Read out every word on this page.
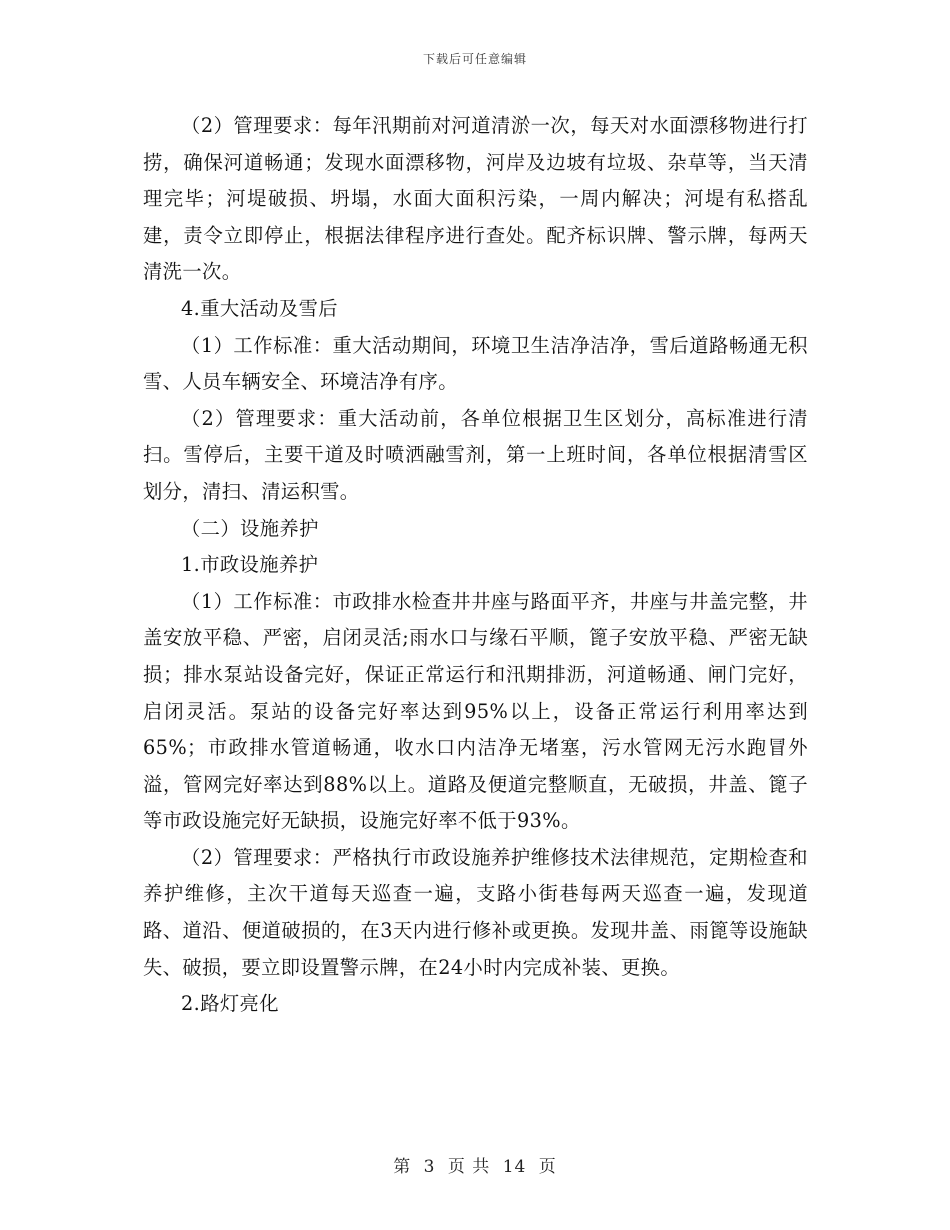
下载后可任意编辑

（2）管理要求：每年汛期前对河道清淤一次，每天对水面漂移物进行打捞，确保河道畅通；发现水面漂移物，河岸及边坡有垃圾、杂草等，当天清理完毕；河堤破损、坍塌，水面大面积污染，一周内解决；河堤有私搭乱建，责令立即停止，根据法律程序进行查处。配齐标识牌、警示牌，每两天清洗一次。

4.重大活动及雪后

（1）工作标准：重大活动期间，环境卫生洁净洁净，雪后道路畅通无积雪、人员车辆安全、环境洁净有序。

（2）管理要求：重大活动前，各单位根据卫生区划分，高标准进行清扫。雪停后，主要干道及时喷洒融雪剂，第一上班时间，各单位根据清雪区划分，清扫、清运积雪。

（二）设施养护

1.市政设施养护

（1）工作标准：市政排水检查井井座与路面平齐，井座与井盖完整，井盖安放平稳、严密，启闭灵活;雨水口与缘石平顺，篦子安放平稳、严密无缺损；排水泵站设备完好，保证正常运行和汛期排沥，河道畅通、闸门完好，启闭灵活。泵站的设备完好率达到95%以上，设备正常运行利用率达到65%；市政排水管道畅通，收水口内洁净无堵塞，污水管网无污水跑冒外溢，管网完好率达到88%以上。道路及便道完整顺直，无破损，井盖、篦子等市政设施完好无缺损，设施完好率不低于93%。

（2）管理要求：严格执行市政设施养护维修技术法律规范，定期检查和养护维修，主次干道每天巡查一遍，支路小街巷每两天巡查一遍，发现道路、道沿、便道破损的，在3天内进行修补或更换。发现井盖、雨篦等设施缺失、破损，要立即设置警示牌，在24小时内完成补装、更换。

2.路灯亮化

第 3 页 共 14 页
